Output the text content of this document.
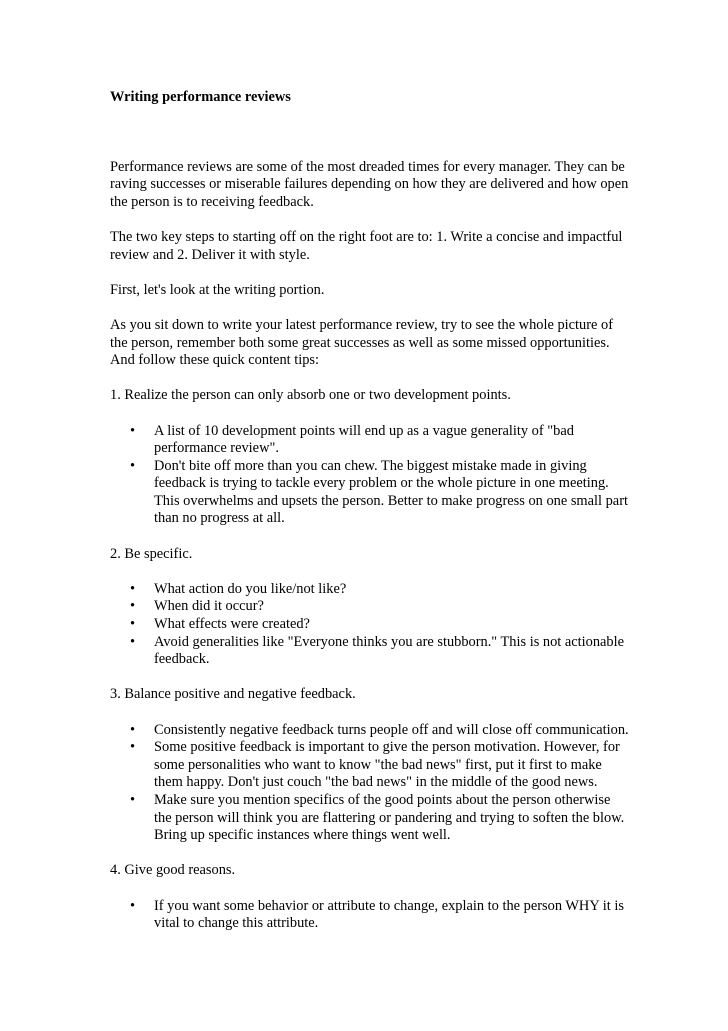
Writing performance reviews

Performance reviews are some of the most dreaded times for every manager. They can be raving successes or miserable failures depending on how they are delivered and how open the person is to receiving feedback.

The two key steps to starting off on the right foot are to: 1. Write a concise and impactful review and 2. Deliver it with style.

First, let's look at the writing portion.

As you sit down to write your latest performance review, try to see the whole picture of the person, remember both some great successes as well as some missed opportunities. And follow these quick content tips:

1. Realize the person can only absorb one or two development points.

• A list of 10 development points will end up as a vague generality of "bad performance review".
• Don't bite off more than you can chew. The biggest mistake made in giving feedback is trying to tackle every problem or the whole picture in one meeting. This overwhelms and upsets the person. Better to make progress on one small part than no progress at all.

2. Be specific.

• What action do you like/not like?
• When did it occur?
• What effects were created?
• Avoid generalities like "Everyone thinks you are stubborn." This is not actionable feedback.

3. Balance positive and negative feedback.

• Consistently negative feedback turns people off and will close off communication.
• Some positive feedback is important to give the person motivation. However, for some personalities who want to know "the bad news" first, put it first to make them happy. Don't just couch "the bad news" in the middle of the good news.
• Make sure you mention specifics of the good points about the person otherwise the person will think you are flattering or pandering and trying to soften the blow. Bring up specific instances where things went well.

4. Give good reasons.

• If you want some behavior or attribute to change, explain to the person WHY it is vital to change this attribute.
